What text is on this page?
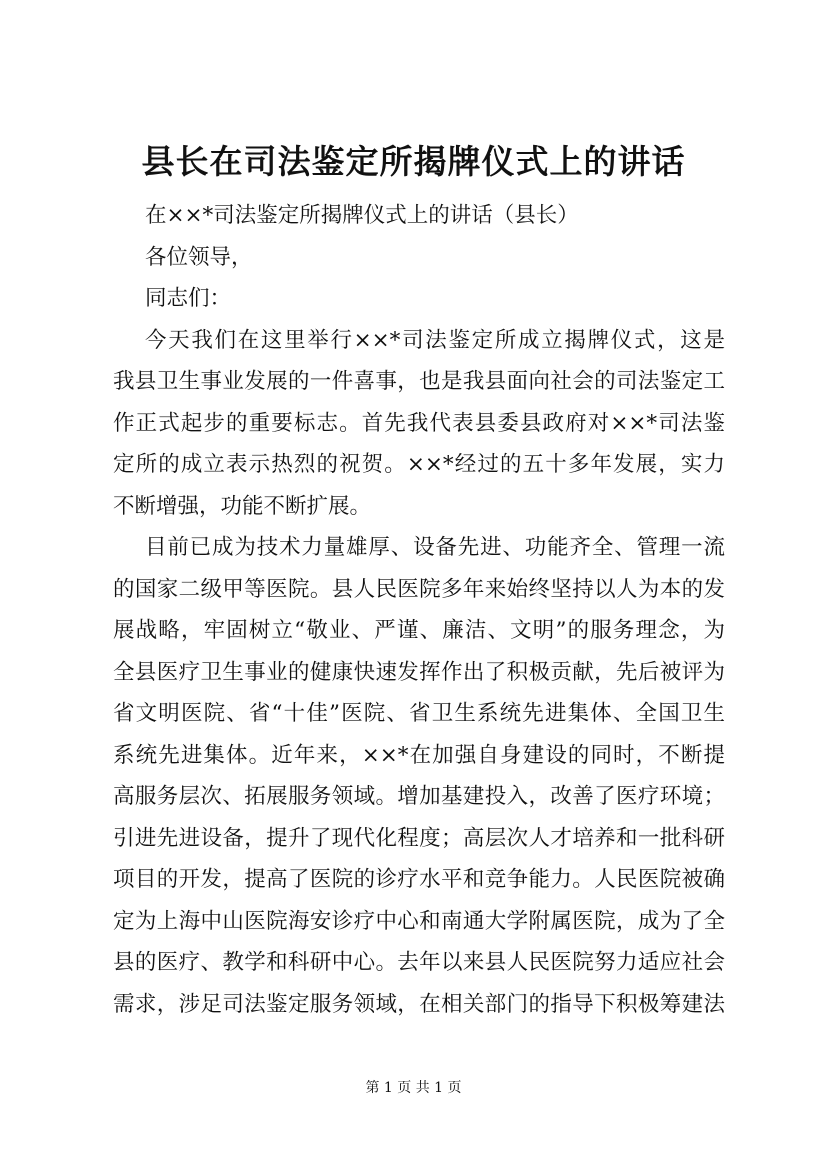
县长在司法鉴定所揭牌仪式上的讲话
在××*司法鉴定所揭牌仪式上的讲话（县长）
各位领导，
同志们：
今天我们在这里举行××*司法鉴定所成立揭牌仪式，这是
我县卫生事业发展的一件喜事，也是我县面向社会的司法鉴定工
作正式起步的重要标志。首先我代表县委县政府对××*司法鉴
定所的成立表示热烈的祝贺。××*经过的五十多年发展，实力
不断增强，功能不断扩展。
目前已成为技术力量雄厚、设备先进、功能齐全、管理一流
的国家二级甲等医院。县人民医院多年来始终坚持以人为本的发
展战略，牢固树立“敬业、严谨、廉洁、文明”的服务理念，为
全县医疗卫生事业的健康快速发挥作出了积极贡献，先后被评为
省文明医院、省“十佳”医院、省卫生系统先进集体、全国卫生
系统先进集体。近年来，××*在加强自身建设的同时，不断提
高服务层次、拓展服务领域。增加基建投入，改善了医疗环境；
引进先进设备，提升了现代化程度；高层次人才培养和一批科研
项目的开发，提高了医院的诊疗水平和竞争能力。人民医院被确
定为上海中山医院海安诊疗中心和南通大学附属医院，成为了全
县的医疗、教学和科研中心。去年以来县人民医院努力适应社会
需求，涉足司法鉴定服务领域，在相关部门的指导下积极筹建法
第 1 页 共 1 页
